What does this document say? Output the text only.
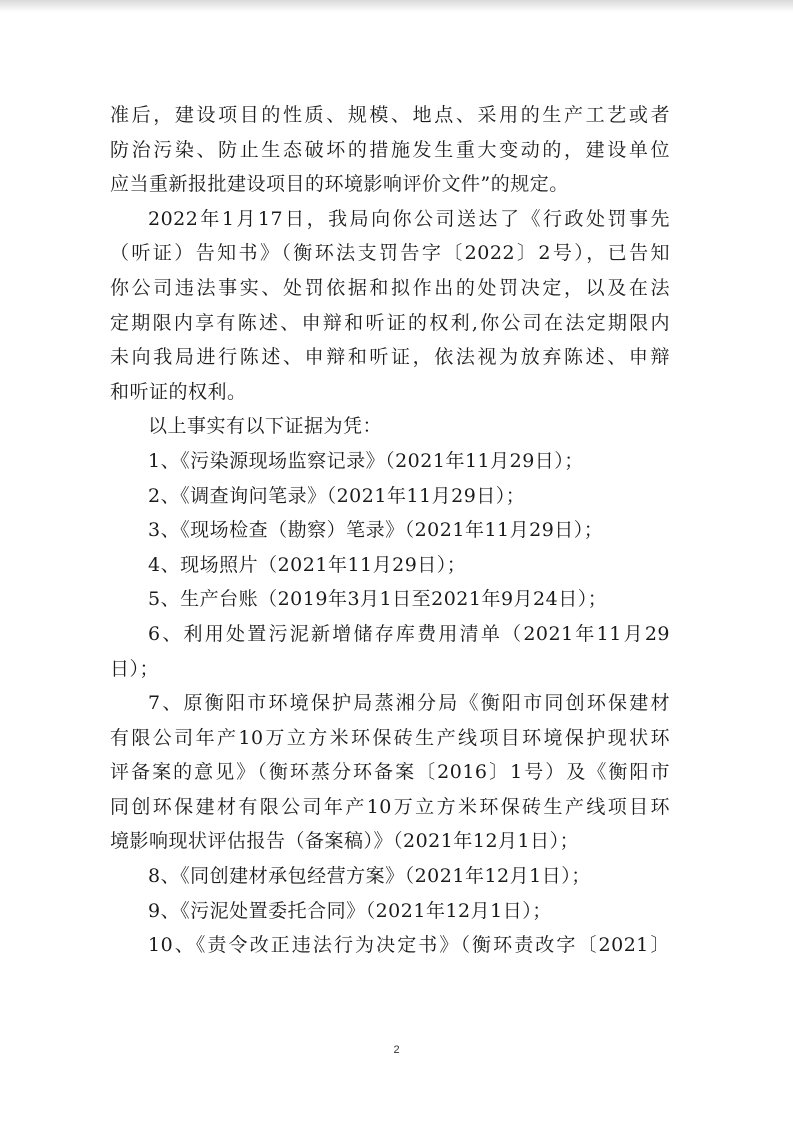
准后，建设项目的性质、规模、地点、采用的生产工艺或者
防治污染、防止生态破坏的措施发生重大变动的，建设单位
应当重新报批建设项目的环境影响评价文件”的规定。
2022年1月17日，我局向你公司送达了《行政处罚事先
（听证）告知书》（衡环法支罚告字〔2022〕2号），已告知
你公司违法事实、处罚依据和拟作出的处罚决定，以及在法
定期限内享有陈述、申辩和听证的权利,你公司在法定期限内
未向我局进行陈述、申辩和听证，依法视为放弃陈述、申辩
和听证的权利。
以上事实有以下证据为凭：
1、《污染源现场监察记录》（2021年11月29日）；
2、《调查询问笔录》（2021年11月29日）；
3、《现场检查（勘察）笔录》（2021年11月29日）；
4、现场照片（2021年11月29日）；
5、生产台账（2019年3月1日至2021年9月24日）；
6、利用处置污泥新增储存库费用清单（2021年11月29
日）；
7、原衡阳市环境保护局蒸湘分局《衡阳市同创环保建材
有限公司年产10万立方米环保砖生产线项目环境保护现状环
评备案的意见》（衡环蒸分环备案〔2016〕1号）及《衡阳市
同创环保建材有限公司年产10万立方米环保砖生产线项目环
境影响现状评估报告（备案稿）》（2021年12月1日）；
8、《同创建材承包经营方案》（2021年12月1日）；
9、《污泥处置委托合同》（2021年12月1日）；
10、《责令改正违法行为决定书》（衡环责改字〔2021〕
2
